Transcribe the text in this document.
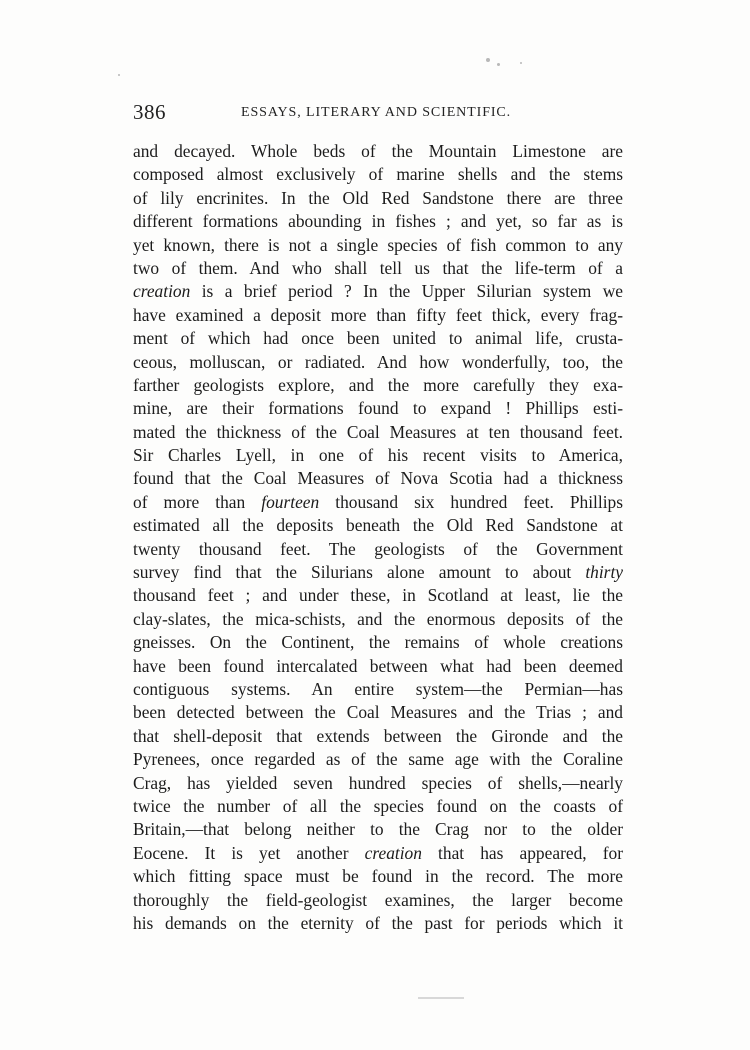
386	ESSAYS, LITERARY AND SCIENTIFIC.
and decayed. Whole beds of the Mountain Limestone are
composed almost exclusively of marine shells and the stems
of lily encrinites. In the Old Red Sandstone there are three
different formations abounding in fishes ; and yet, so far as is
yet known, there is not a single species of fish common to any
two of them. And who shall tell us that the life-term of a
creation is a brief period ? In the Upper Silurian system we
have examined a deposit more than fifty feet thick, every frag-
ment of which had once been united to animal life, crusta-
ceous, molluscan, or radiated. And how wonderfully, too, the
farther geologists explore, and the more carefully they exa-
mine, are their formations found to expand ! Phillips esti-
mated the thickness of the Coal Measures at ten thousand feet.
Sir Charles Lyell, in one of his recent visits to America,
found that the Coal Measures of Nova Scotia had a thickness
of more than fourteen thousand six hundred feet. Phillips
estimated all the deposits beneath the Old Red Sandstone at
twenty thousand feet. The geologists of the Government
survey find that the Silurians alone amount to about thirty
thousand feet ; and under these, in Scotland at least, lie the
clay-slates, the mica-schists, and the enormous deposits of the
gneisses. On the Continent, the remains of whole creations
have been found intercalated between what had been deemed
contiguous systems. An entire system—the Permian—has
been detected between the Coal Measures and the Trias ; and
that shell-deposit that extends between the Gironde and the
Pyrenees, once regarded as of the same age with the Coraline
Crag, has yielded seven hundred species of shells,—nearly
twice the number of all the species found on the coasts of
Britain,—that belong neither to the Crag nor to the older
Eocene. It is yet another creation that has appeared, for
which fitting space must be found in the record. The more
thoroughly the field-geologist examines, the larger become
his demands on the eternity of the past for periods which it
